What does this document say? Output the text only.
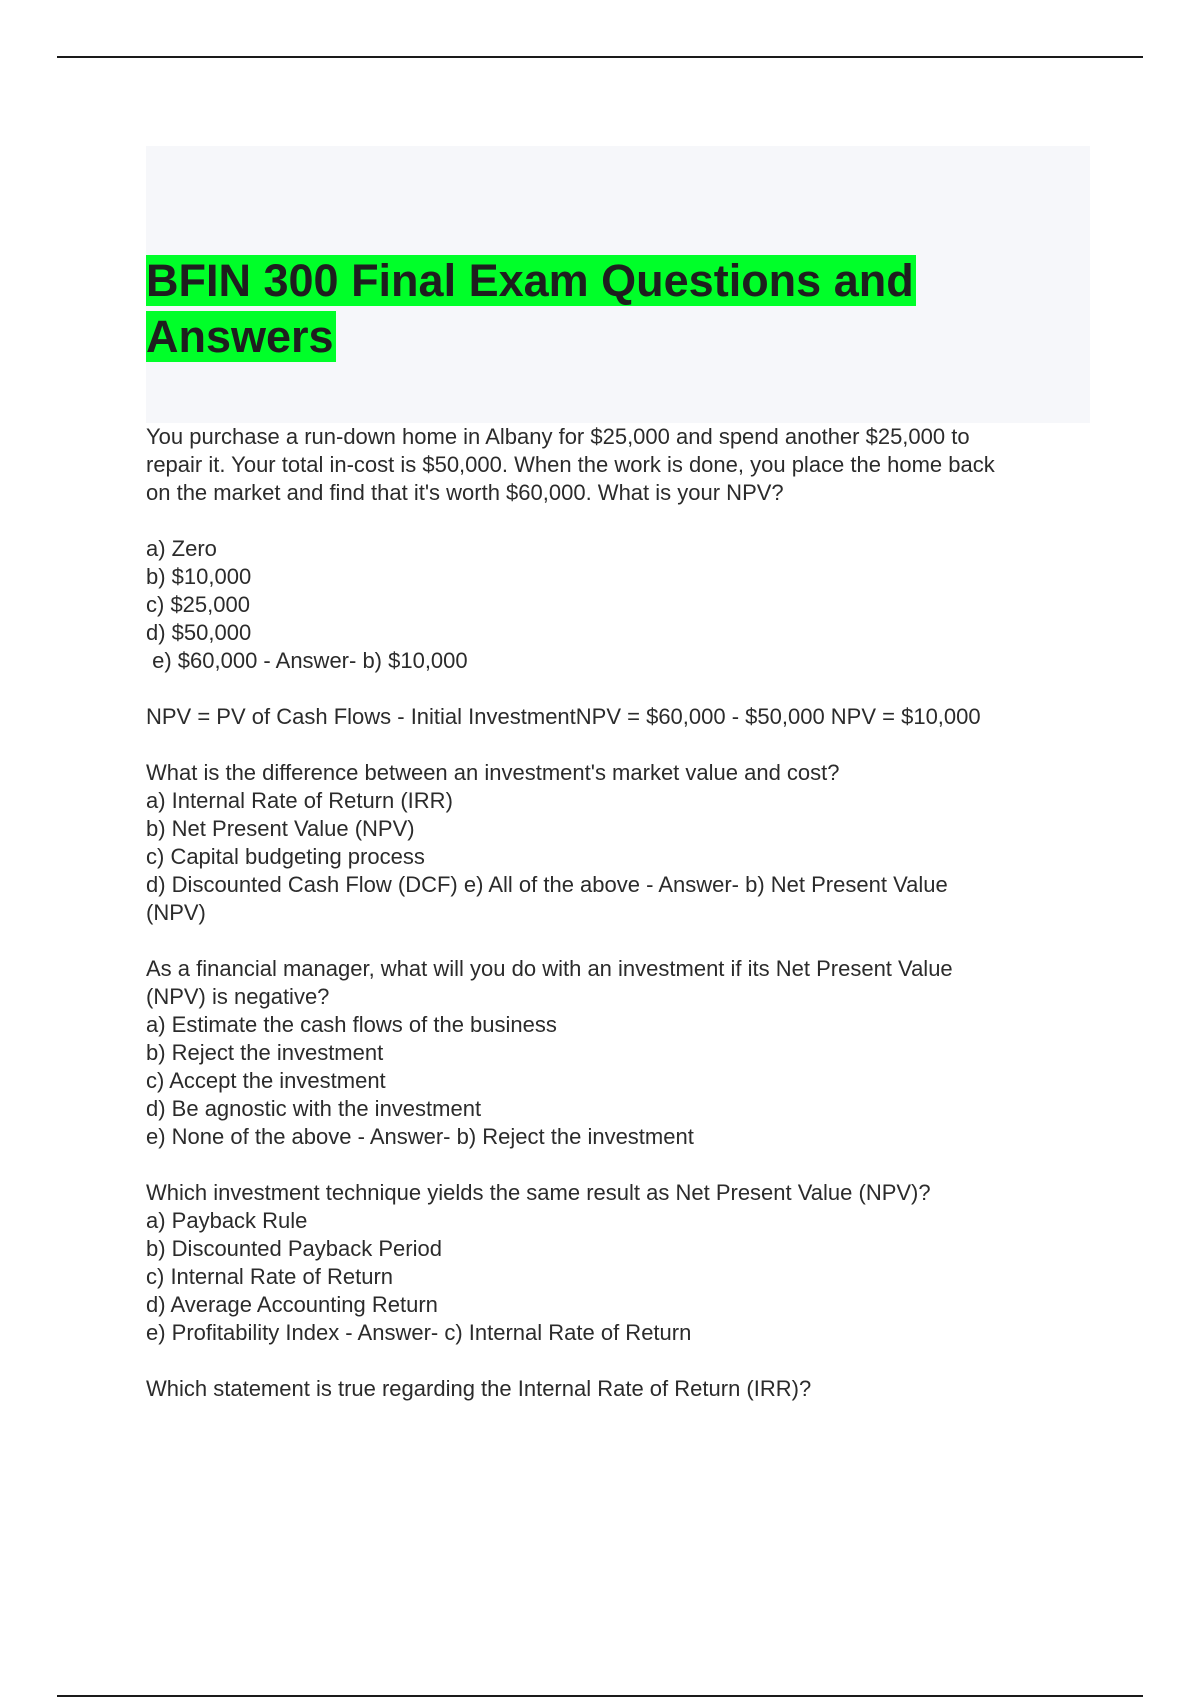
BFIN 300 Final Exam Questions and
Answers
You purchase a run-down home in Albany for $25,000 and spend another $25,000 to
repair it. Your total in-cost is $50,000. When the work is done, you place the home back
on the market and find that it's worth $60,000. What is your NPV?
a) Zero
b) $10,000
c) $25,000
d) $50,000
e) $60,000 - Answer- b) $10,000
NPV = PV of Cash Flows - Initial InvestmentNPV = $60,000 - $50,000 NPV = $10,000
What is the difference between an investment's market value and cost?
a) Internal Rate of Return (IRR)
b) Net Present Value (NPV)
c) Capital budgeting process
d) Discounted Cash Flow (DCF) e) All of the above - Answer- b) Net Present Value
(NPV)
As a financial manager, what will you do with an investment if its Net Present Value
(NPV) is negative?
a) Estimate the cash flows of the business
b) Reject the investment
c) Accept the investment
d) Be agnostic with the investment
e) None of the above - Answer- b) Reject the investment
Which investment technique yields the same result as Net Present Value (NPV)?
a) Payback Rule
b) Discounted Payback Period
c) Internal Rate of Return
d) Average Accounting Return
e) Profitability Index - Answer- c) Internal Rate of Return
Which statement is true regarding the Internal Rate of Return (IRR)?
